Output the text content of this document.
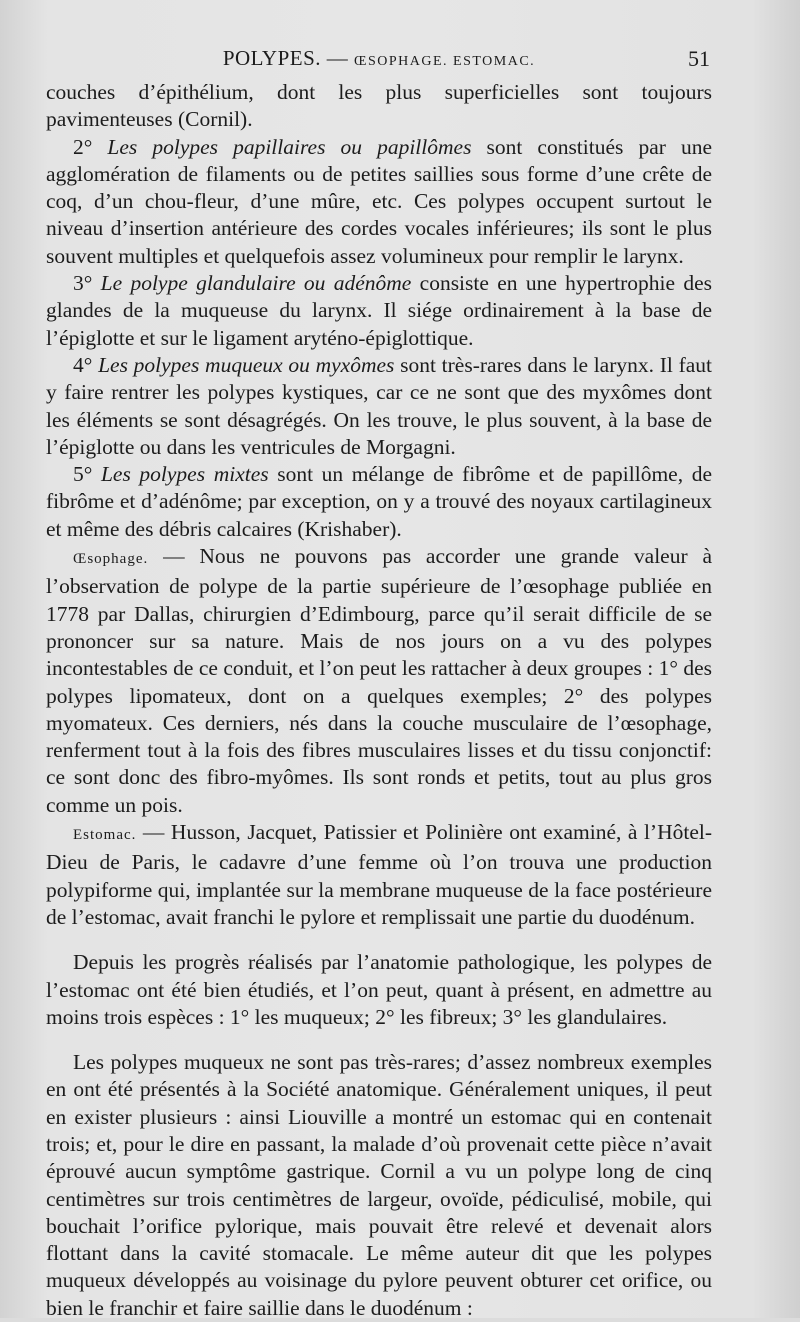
POLYPES. — ŒSOPHAGE. ESTOMAC.	51

couches d’épithélium, dont les plus superficielles sont toujours pavimenteuses (Cornil).

2° Les polypes papillaires ou papillômes sont constitués par une agglomération de filaments ou de petites saillies sous forme d’une crête de coq, d’un chou-fleur, d’une mûre, etc. Ces polypes occupent surtout le niveau d’insertion antérieure des cordes vocales inférieures; ils sont le plus souvent multiples et quelquefois assez volumineux pour remplir le larynx.

3° Le polype glandulaire ou adénôme consiste en une hypertrophie des glandes de la muqueuse du larynx. Il siége ordinairement à la base de l’épiglotte et sur le ligament aryténo-épiglottique.

4° Les polypes muqueux ou myxômes sont très-rares dans le larynx. Il faut y faire rentrer les polypes kystiques, car ce ne sont que des myxômes dont les éléments se sont désagrégés. On les trouve, le plus souvent, à la base de l’épiglotte ou dans les ventricules de Morgagni.

5° Les polypes mixtes sont un mélange de fibrôme et de papillôme, de fibrôme et d’adénôme; par exception, on y a trouvé des noyaux cartilagineux et même des débris calcaires (Krishaber).

Œsophage. — Nous ne pouvons pas accorder une grande valeur à l’observation de polype de la partie supérieure de l’œsophage publiée en 1778 par Dallas, chirurgien d’Edimbourg, parce qu’il serait difficile de se prononcer sur sa nature. Mais de nos jours on a vu des polypes incontestables de ce conduit, et l’on peut les rattacher à deux groupes : 1° des polypes lipomateux, dont on a quelques exemples; 2° des polypes myomateux. Ces derniers, nés dans la couche musculaire de l’œsophage, renferment tout à la fois des fibres musculaires lisses et du tissu conjonctif: ce sont donc des fibro-myômes. Ils sont ronds et petits, tout au plus gros comme un pois.

Estomac. — Husson, Jacquet, Patissier et Polinière ont examiné, à l’Hôtel-Dieu de Paris, le cadavre d’une femme où l’on trouva une production polypiforme qui, implantée sur la membrane muqueuse de la face postérieure de l’estomac, avait franchi le pylore et remplissait une partie du duodénum.

Depuis les progrès réalisés par l’anatomie pathologique, les polypes de l’estomac ont été bien étudiés, et l’on peut, quant à présent, en admettre au moins trois espèces : 1° les muqueux; 2° les fibreux; 3° les glandulaires.

Les polypes muqueux ne sont pas très-rares; d’assez nombreux exemples en ont été présentés à la Société anatomique. Généralement uniques, il peut en exister plusieurs : ainsi Liouville a montré un estomac qui en contenait trois; et, pour le dire en passant, la malade d’où provenait cette pièce n’avait éprouvé aucun symptôme gastrique. Cornil a vu un polype long de cinq centimètres sur trois centimètres de largeur, ovoïde, pédiculisé, mobile, qui bouchait l’orifice pylorique, mais pouvait être relevé et devenait alors flottant dans la cavité stomacale. Le même auteur dit que les polypes muqueux développés au voisinage du pylore peuvent obturer cet orifice, ou bien le franchir et faire saillie dans le duodénum :
